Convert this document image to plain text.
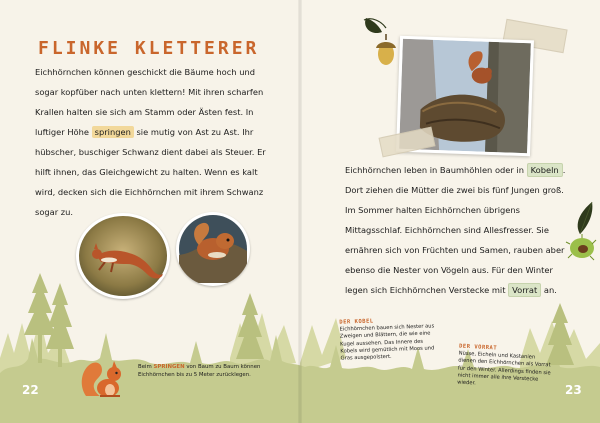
FLINKE KLETTERER

Eichhörnchen können geschickt die Bäume hoch und sogar kopfüber nach unten klettern! Mit ihren scharfen Krallen halten sie sich am Stamm oder Ästen fest. In luftiger Höhe springen sie mutig von Ast zu Ast. Ihr hübscher, buschiger Schwanz dient dabei als Steuer. Er hilft ihnen, das Gleichgewicht zu halten. Wenn es kalt wird, decken sich die Eichhörnchen mit ihrem Schwanz sogar zu.

Beim SPRINGEN von Baum zu Baum können Eichhörnchen bis zu 5 Meter zurücklegen.

22

Eichhörnchen leben in Baumhöhlen oder in Kobeln . Dort ziehen die Mütter die zwei bis fünf Jungen groß. Im Sommer halten Eichhörnchen übrigens Mittagsschlaf. Eichhörnchen sind Allesfresser. Sie ernähren sich von Früchten und Samen, rauben aber ebenso die Nester von Vögeln aus. Für den Winter legen sich Eichhörnchen Verstecke mit Vorrat an.

DER KOBEL
Eichhörnchen bauen sich Nester aus Zweigen und Blättern, die wie eine Kugel aussehen. Das Innere des Kobels wird gemütlich mit Moos und Gras ausgepolstert.
DER VORRAT
Nüsse, Eicheln und Kastanien dienen den Eichhörnchen als Vorrat für den Winter. Allerdings finden sie nicht immer alle ihre Verstecke wieder.
23
